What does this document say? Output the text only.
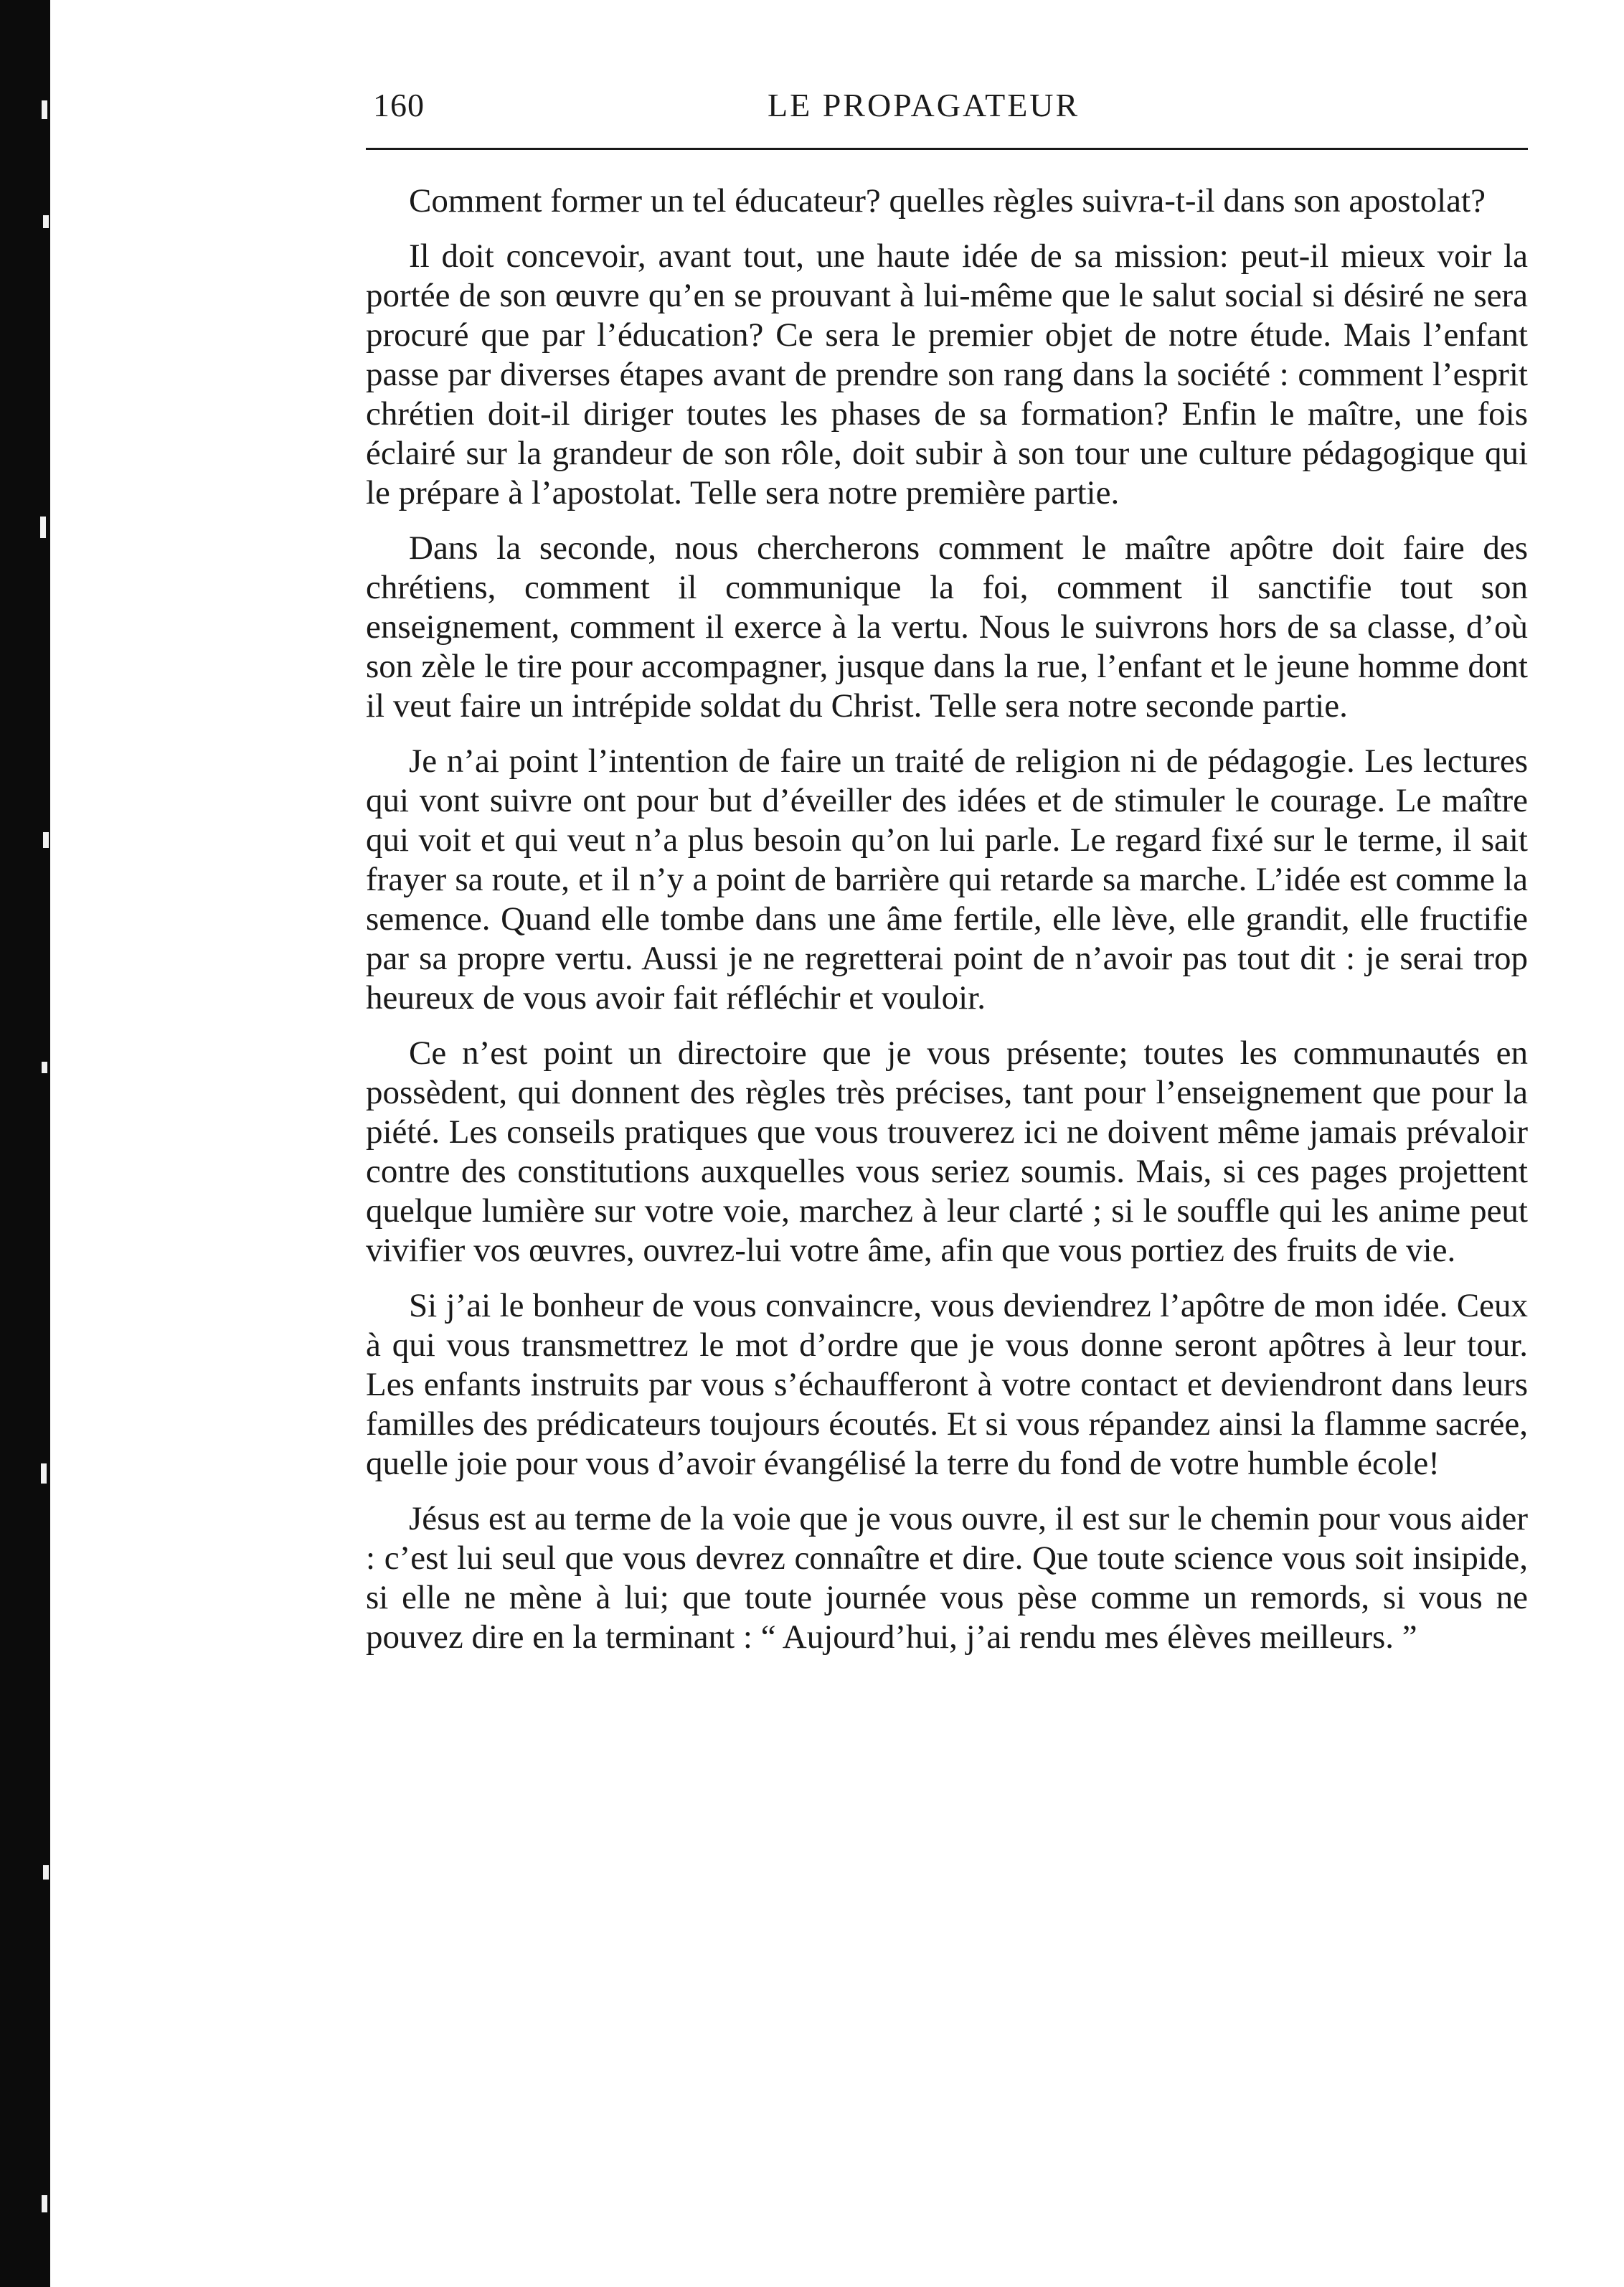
160	LE PROPAGATEUR

Comment former un tel éducateur? quelles règles suivra-t-il dans son apostolat?

Il doit concevoir, avant tout, une haute idée de sa mission: peut-il mieux voir la portée de son œuvre qu’en se prouvant à lui-même que le salut social si désiré ne sera procuré que par l’éducation? Ce sera le premier objet de notre étude. Mais l’enfant passe par diverses étapes avant de prendre son rang dans la société : comment l’esprit chrétien doit-il diriger toutes les phases de sa formation? Enfin le maître, une fois éclairé sur la grandeur de son rôle, doit subir à son tour une culture pédagogique qui le prépare à l’apostolat. Telle sera notre première partie.

Dans la seconde, nous chercherons comment le maître apôtre doit faire des chrétiens, comment il communique la foi, comment il sanctifie tout son enseignement, comment il exerce à la vertu. Nous le suivrons hors de sa classe, d’où son zèle le tire pour accompagner, jusque dans la rue, l’enfant et le jeune homme dont il veut faire un intrépide soldat du Christ. Telle sera notre seconde partie.

Je n’ai point l’intention de faire un traité de religion ni de pédagogie. Les lectures qui vont suivre ont pour but d’éveiller des idées et de stimuler le courage. Le maître qui voit et qui veut n’a plus besoin qu’on lui parle. Le regard fixé sur le terme, il sait frayer sa route, et il n’y a point de barrière qui retarde sa marche. L’idée est comme la semence. Quand elle tombe dans une âme fertile, elle lève, elle grandit, elle fructifie par sa propre vertu. Aussi je ne regretterai point de n’avoir pas tout dit : je serai trop heureux de vous avoir fait réfléchir et vouloir.

Ce n’est point un directoire que je vous présente; toutes les communautés en possèdent, qui donnent des règles très précises, tant pour l’enseignement que pour la piété. Les conseils pratiques que vous trouverez ici ne doivent même jamais prévaloir contre des constitutions auxquelles vous seriez soumis. Mais, si ces pages projettent quelque lumière sur votre voie, marchez à leur clarté ; si le souffle qui les anime peut vivifier vos œuvres, ouvrez-lui votre âme, afin que vous portiez des fruits de vie.

Si j’ai le bonheur de vous convaincre, vous deviendrez l’apôtre de mon idée. Ceux à qui vous transmettrez le mot d’ordre que je vous donne seront apôtres à leur tour. Les enfants instruits par vous s’échaufferont à votre contact et deviendront dans leurs familles des prédicateurs toujours écoutés. Et si vous répandez ainsi la flamme sacrée, quelle joie pour vous d’avoir évangélisé la terre du fond de votre humble école!

Jésus est au terme de la voie que je vous ouvre, il est sur le chemin pour vous aider : c’est lui seul que vous devrez connaître et dire. Que toute science vous soit insipide, si elle ne mène à lui; que toute journée vous pèse comme un remords, si vous ne pouvez dire en la terminant : “ Aujourd’hui, j’ai rendu mes élèves meilleurs. ”
